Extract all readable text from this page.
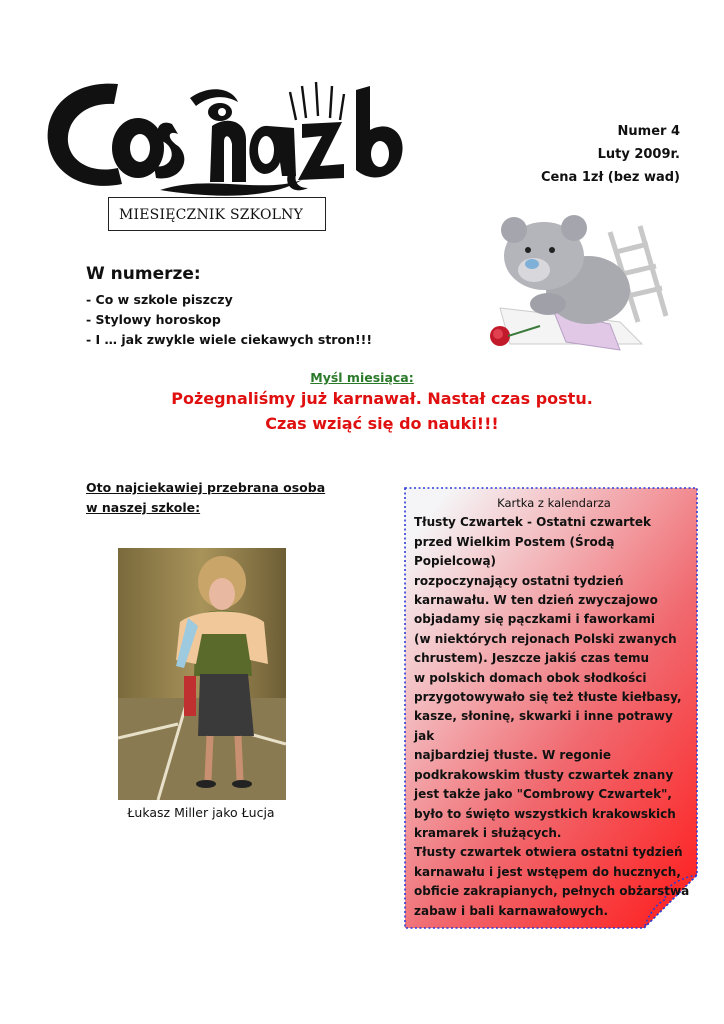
Numer 4
Luty 2009r.
Cena 1zł (bez wad)
MIESIĘCZNIK SZKOLNY
W numerze:
- Co w szkole piszczy
- Stylowy horoskop
- I … jak zwykle wiele ciekawych stron!!!
Myśl miesiąca:
Pożegnaliśmy już karnawał. Nastał czas postu.
Czas wziąć się do nauki!!!
Oto najciekawiej przebrana osoba
w naszej szkole:
Łukasz Miller jako Łucja
Kartka z kalendarza

Tłusty Czwartek - Ostatni czwartek
przed Wielkim Postem (Środą Popielcową)
rozpoczynający ostatni tydzień
karnawału. W ten dzień zwyczajowo
objadamy się pączkami i faworkami
(w niektórych rejonach Polski zwanych
chrustem). Jeszcze jakiś czas temu
w polskich domach obok słodkości
przygotowywało się też tłuste kiełbasy,
kasze, słoninę, skwarki i inne potrawy jak
najbardziej tłuste. W regonie
podkrakowskim tłusty czwartek znany
jest także jako "Combrowy Czwartek",
było to święto wszystkich krakowskich
kramarek i służących.

Tłusty czwartek otwiera ostatni tydzień
karnawału i jest wstępem do hucznych,
obficie zakrapianych, pełnych obżarstwa
zabaw i bali karnawałowych.
